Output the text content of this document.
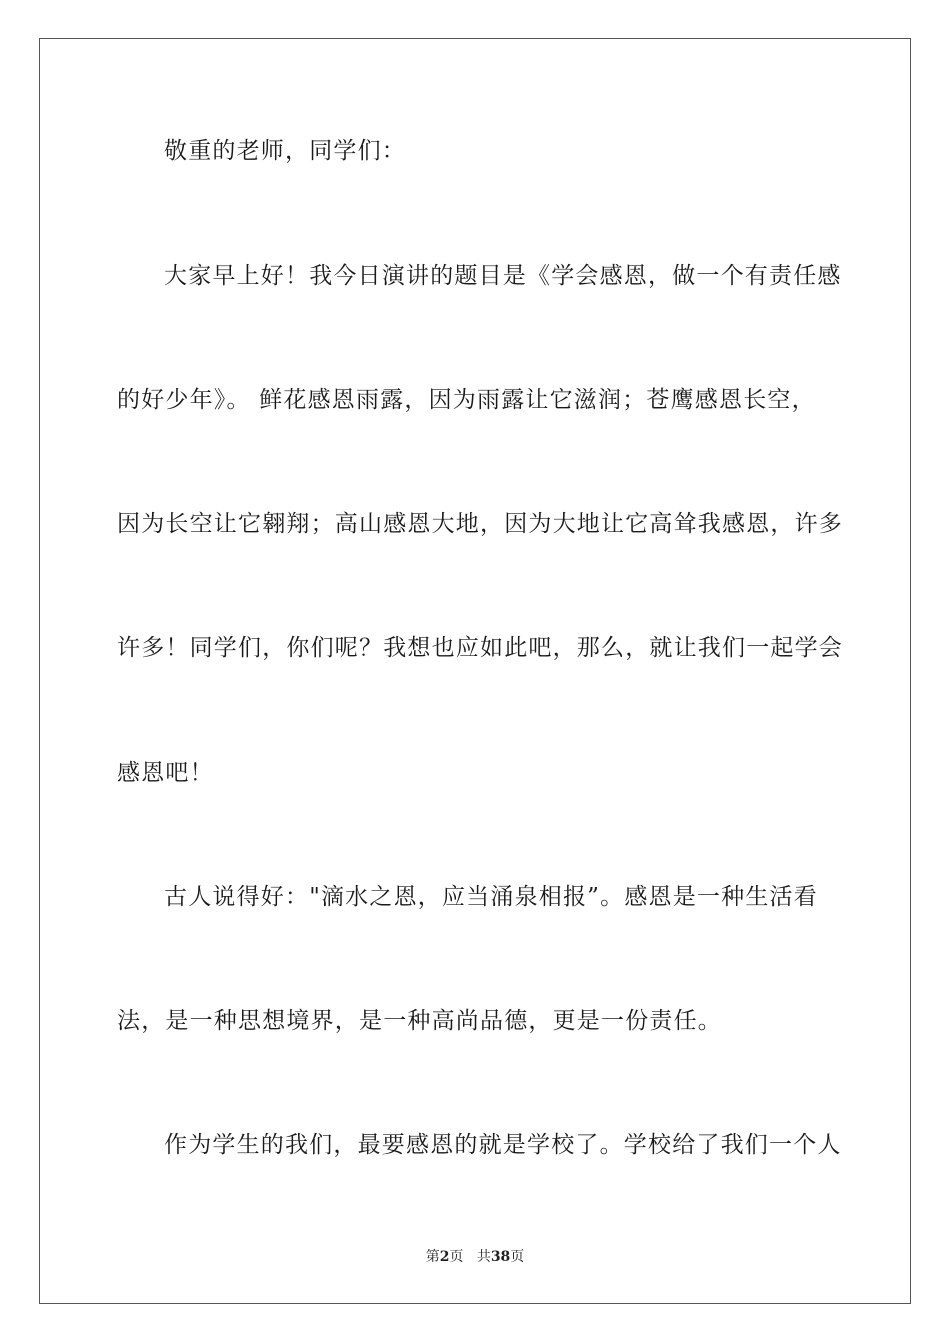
敬重的老师，同学们：
大家早上好！我今日演讲的题目是《学会感恩，做一个有责任感
的好少年》。 鲜花感恩雨露，因为雨露让它滋润；苍鹰感恩长空，
因为长空让它翱翔；高山感恩大地，因为大地让它高耸我感恩，许多
许多！同学们，你们呢？我想也应如此吧，那么，就让我们一起学会
感恩吧！
古人说得好："滴水之恩，应当涌泉相报”。感恩是一种生活看
法，是一种思想境界，是一种高尚品德，更是一份责任。
作为学生的我们，最要感恩的就是学校了。学校给了我们一个人
第2页 共38页
